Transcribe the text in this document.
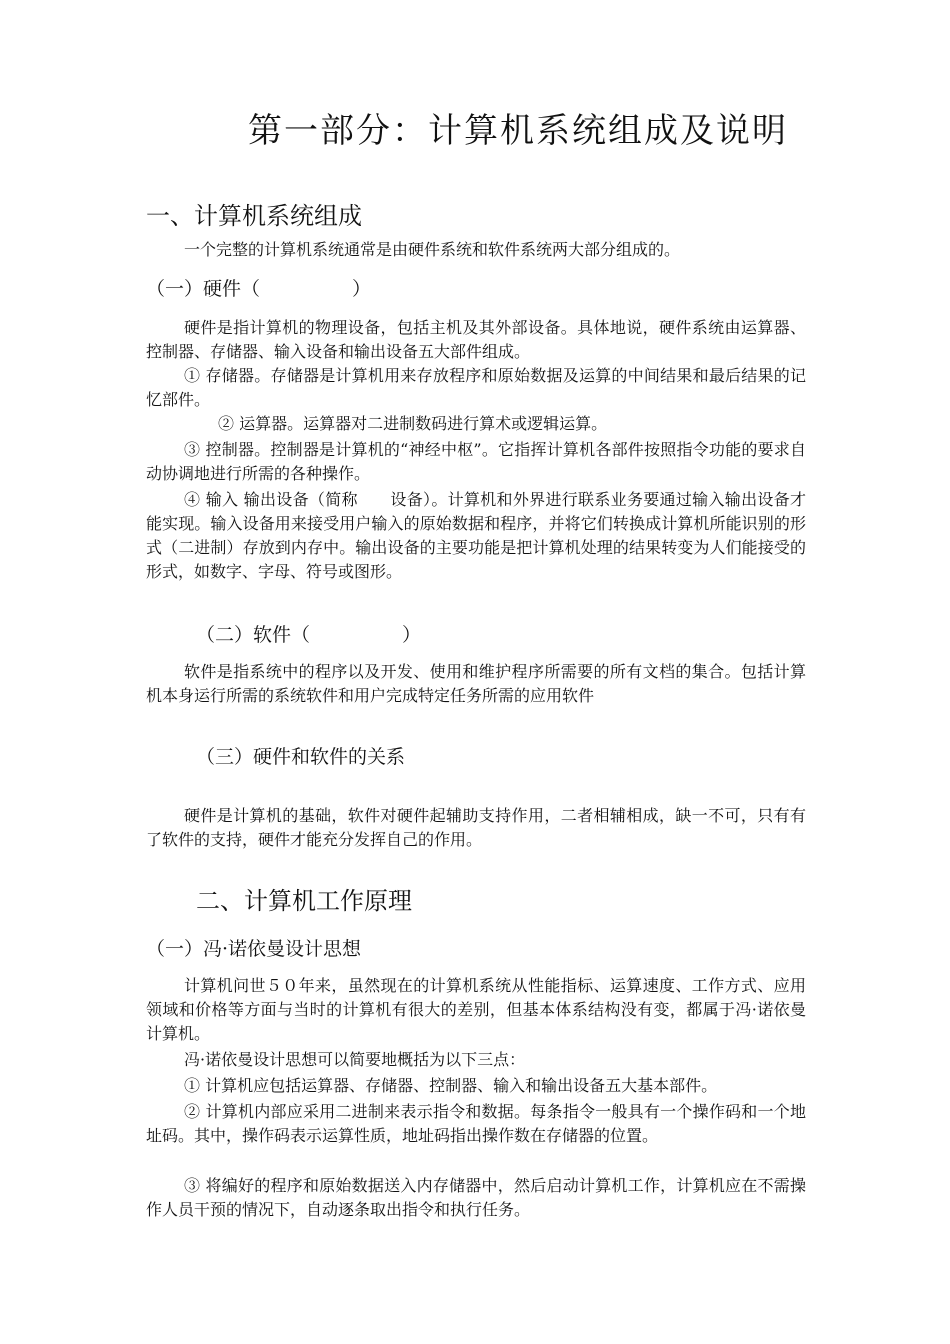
第一部分：计算机系统组成及说明
一、计算机系统组成

一个完整的计算机系统通常是由硬件系统和软件系统两大部分组成的。

（一）硬件（	）

硬件是指计算机的物理设备，包括主机及其外部设备。具体地说，硬件系统由运算器、控制器、存储器、输入设备和输出设备五大部件组成。

① 存储器。存储器是计算机用来存放程序和原始数据及运算的中间结果和最后结果的记忆部件。

② 运算器。运算器对二进制数码进行算术或逻辑运算。

③ 控制器。控制器是计算机的“神经中枢”。它指挥计算机各部件按照指令功能的要求自动协调地进行所需的各种操作。

④ 输入 输出设备（简称　　设备）。计算机和外界进行联系业务要通过输入输出设备才能实现。输入设备用来接受用户输入的原始数据和程序，并将它们转换成计算机所能识别的形式（二进制）存放到内存中。输出设备的主要功能是把计算机处理的结果转变为人们能接受的形式，如数字、字母、符号或图形。

（二）软件（	）

软件是指系统中的程序以及开发、使用和维护程序所需要的所有文档的集合。包括计算机本身运行所需的系统软件和用户完成特定任务所需的应用软件

（三）硬件和软件的关系

硬件是计算机的基础，软件对硬件起辅助支持作用，二者相辅相成，缺一不可，只有有了软件的支持，硬件才能充分发挥自己的作用。

二、计算机工作原理
（一）冯·诺依曼设计思想

计算机问世５０年来，虽然现在的计算机系统从性能指标、运算速度、工作方式、应用领域和价格等方面与当时的计算机有很大的差别，但基本体系结构没有变，都属于冯·诺依曼计算机。

冯·诺依曼设计思想可以简要地概括为以下三点：

① 计算机应包括运算器、存储器、控制器、输入和输出设备五大基本部件。

② 计算机内部应采用二进制来表示指令和数据。每条指令一般具有一个操作码和一个地址码。其中，操作码表示运算性质，地址码指出操作数在存储器的位置。

③ 将编好的程序和原始数据送入内存储器中，然后启动计算机工作，计算机应在不需操作人员干预的情况下，自动逐条取出指令和执行任务。
